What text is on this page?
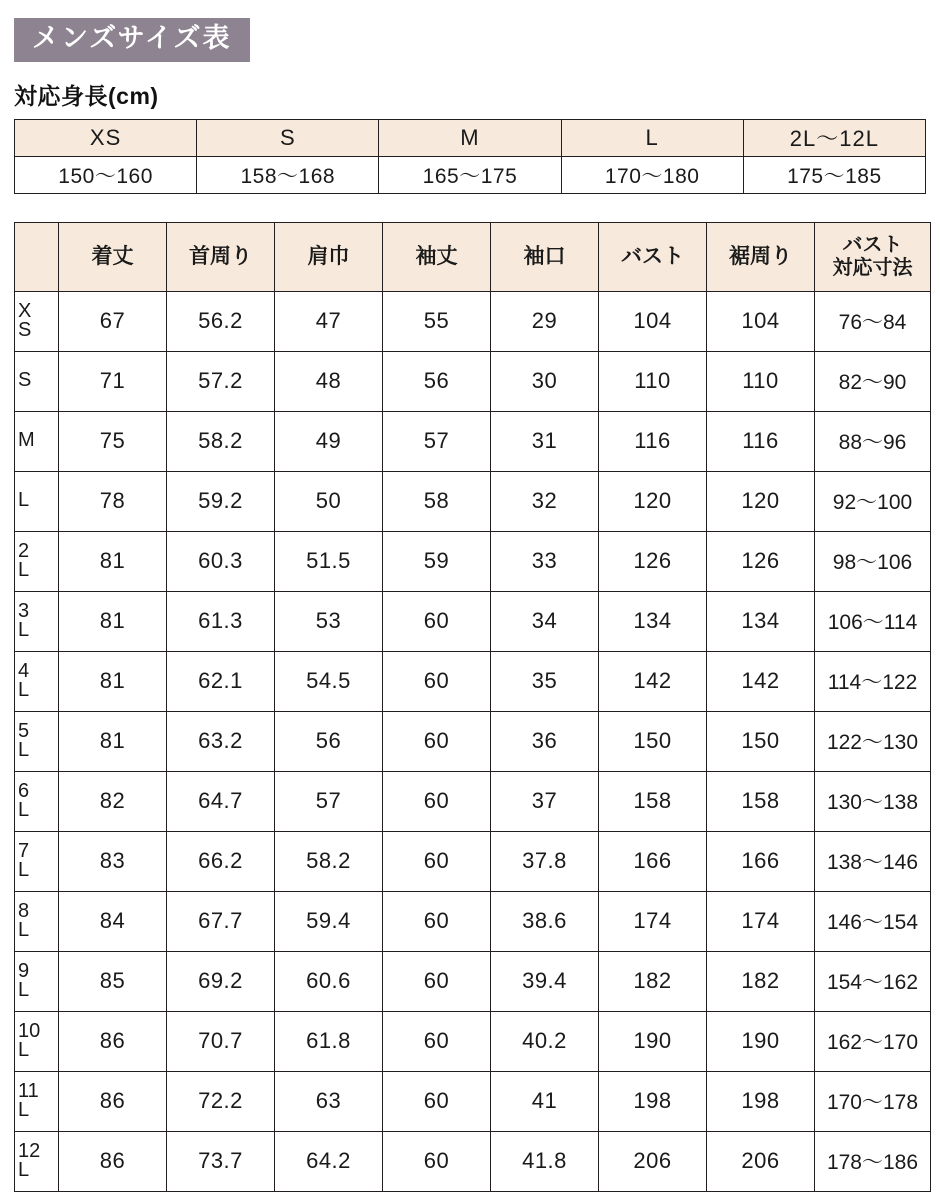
メンズサイズ表
対応身長(cm)
XS	S	M	L	2L〜12L
150〜160	158〜168	165〜175	170〜180	175〜185
	着丈	首周り	肩巾	袖丈	袖口	バスト	裾周り	バスト
対応寸法

X
S	67	56.2	47	55	29	104	104	76〜84

S	71	57.2	48	56	30	110	110	82〜90

M	75	58.2	49	57	31	116	116	88〜96

L	78	59.2	50	58	32	120	120	92〜100

2
L	81	60.3	51.5	59	33	126	126	98〜106

3
L	81	61.3	53	60	34	134	134	106〜114

4
L	81	62.1	54.5	60	35	142	142	114〜122

5
L	81	63.2	56	60	36	150	150	122〜130

6
L	82	64.7	57	60	37	158	158	130〜138

7
L	83	66.2	58.2	60	37.8	166	166	138〜146

8
L	84	67.7	59.4	60	38.6	174	174	146〜154

9
L	85	69.2	60.6	60	39.4	182	182	154〜162

10
L	86	70.7	61.8	60	40.2	190	190	162〜170

11
L	86	72.2	63	60	41	198	198	170〜178

12
L	86	73.7	64.2	60	41.8	206	206	178〜186
